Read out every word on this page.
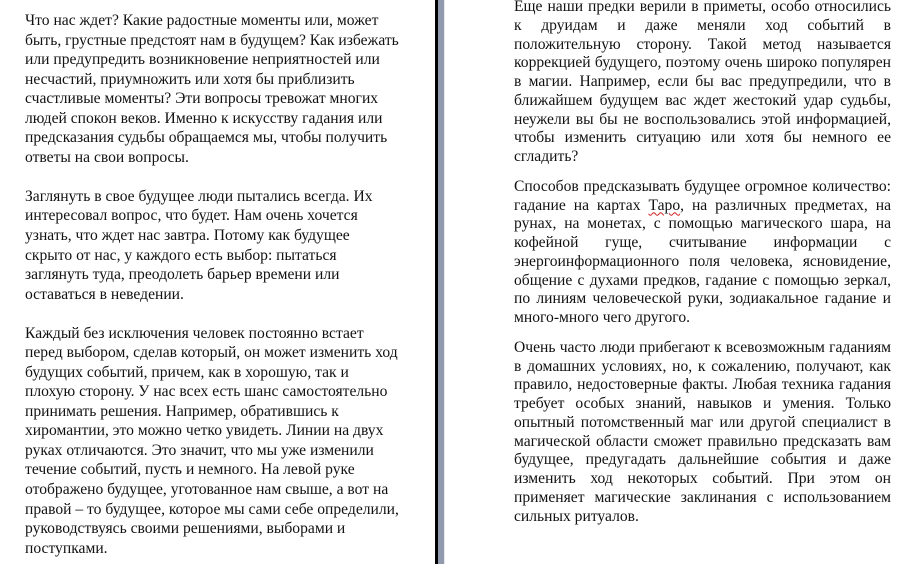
Что нас ждет? Какие радостные моменты или, может быть, грустные предстоят нам в будущем? Как избежать или предупредить возникновение неприятностей или несчастий, приумножить или хотя бы приблизить счастливые моменты? Эти вопросы тревожат многих людей спокон веков. Именно к искусству гадания или предсказания судьбы обращаемся мы, чтобы получить ответы на свои вопросы.

Заглянуть в свое будущее люди пытались всегда. Их интересовал вопрос, что будет. Нам очень хочется узнать, что ждет нас завтра. Потому как будущее скрыто от нас, у каждого есть выбор: пытаться заглянуть туда, преодолеть барьер времени или оставаться в неведении.

Каждый без исключения человек постоянно встает перед выбором, сделав который, он может изменить ход будущих событий, причем, как в хорошую, так и плохую сторону. У нас всех есть шанс самостоятельно принимать решения. Например, обратившись к хиромантии, это можно четко увидеть. Линии на двух руках отличаются. Это значит, что мы уже изменили течение событий, пусть и немного. На левой руке отображено будущее, уготованное нам свыше, а вот на правой – то будущее, которое мы сами себе определили, руководствуясь своими решениями, выборами и поступками.

Еще наши предки верили в приметы, особо относились к друидам и даже меняли ход событий в положительную сторону. Такой метод называется коррекцией будущего, поэтому очень широко популярен в магии. Например, если бы вас предупредили, что в ближайшем будущем вас ждет жестокий удар судьбы, неужели вы бы не воспользовались этой информацией, чтобы изменить ситуацию или хотя бы немного ее сгладить?

Способов предсказывать будущее огромное количество: гадание на картах Таро, на различных предметах, на рунах, на монетах, с помощью магического шара, на кофейной гуще, считывание информации с энергоинформационного поля человека, ясновидение, общение с духами предков, гадание с помощью зеркал, по линиям человеческой руки, зодиакальное гадание и много-много чего другого.

Очень часто люди прибегают к всевозможным гаданиям в домашних условиях, но, к сожалению, получают, как правило, недостоверные факты. Любая техника гадания требует особых знаний, навыков и умения. Только опытный потомственный маг или другой специалист в магической области сможет правильно предсказать вам будущее, предугадать дальнейшие события и даже изменить ход некоторых событий. При этом он применяет магические заклинания с использованием сильных ритуалов.
